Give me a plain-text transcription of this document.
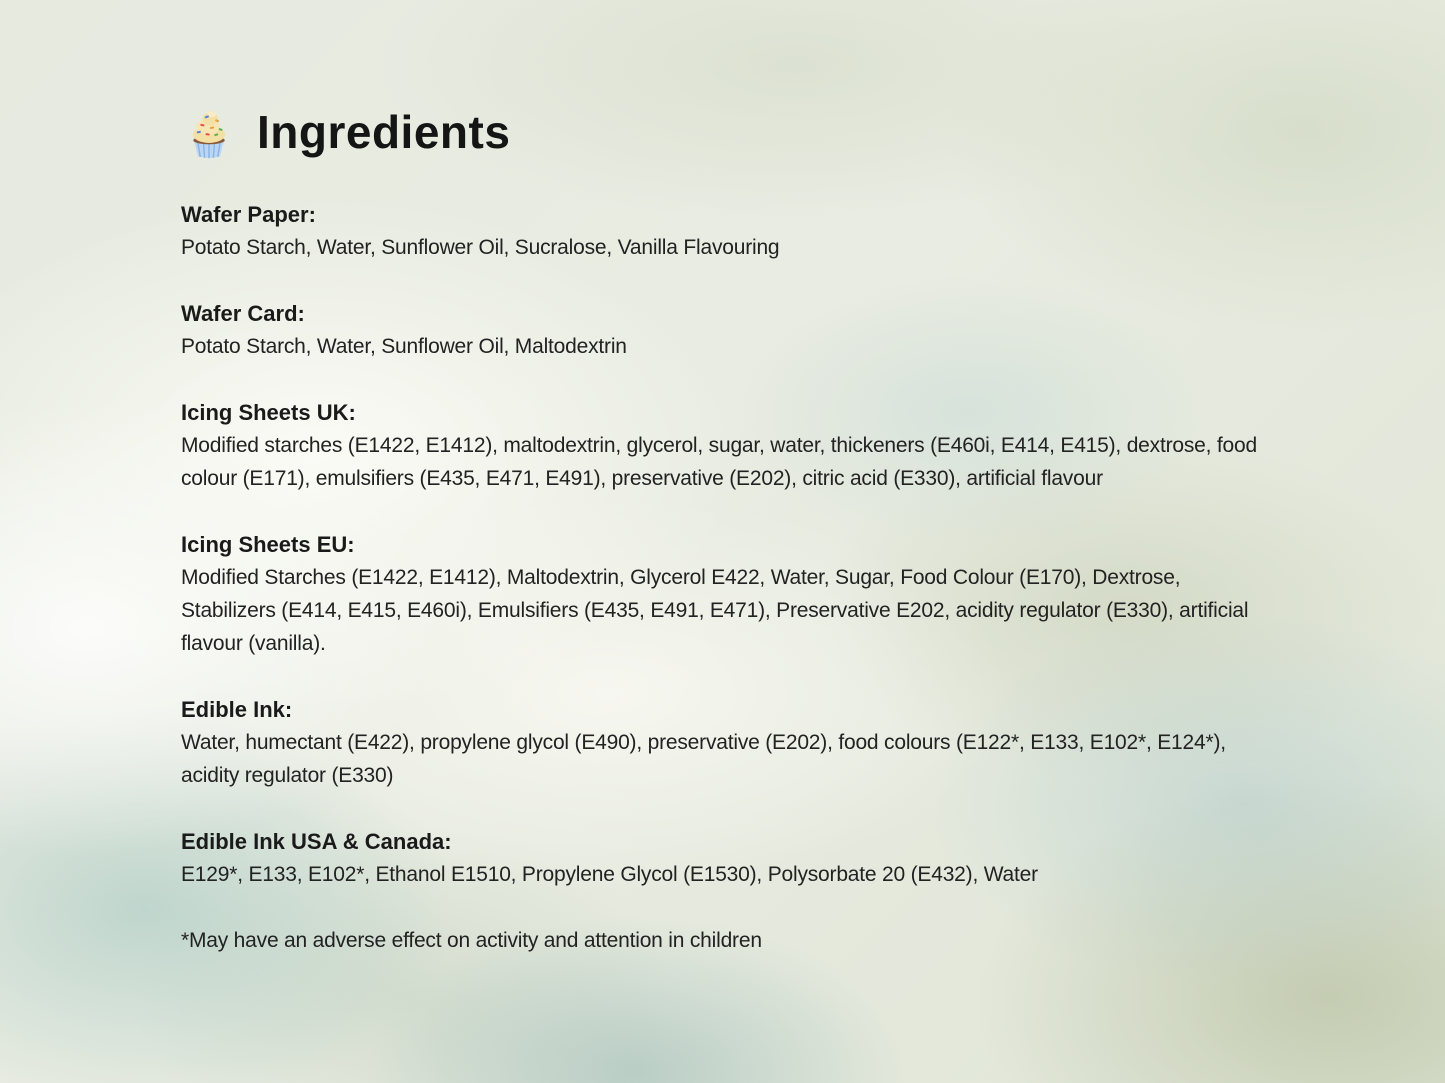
Ingredients
Wafer Paper:

Potato Starch, Water, Sunflower Oil, Sucralose, Vanilla Flavouring

Wafer Card:

Potato Starch, Water, Sunflower Oil, Maltodextrin

Icing Sheets UK:

Modified starches (E1422, E1412), maltodextrin, glycerol, sugar, water, thickeners (E460i, E414, E415), dextrose, food colour (E171), emulsifiers (E435, E471, E491), preservative (E202), citric acid (E330), artificial flavour

Icing Sheets EU:

Modified Starches (E1422, E1412), Maltodextrin, Glycerol E422, Water, Sugar, Food Colour (E170), Dextrose, Stabilizers (E414, E415, E460i), Emulsifiers (E435, E491, E471), Preservative E202, acidity regulator (E330), artificial flavour (vanilla).

Edible Ink:

Water, humectant (E422), propylene glycol (E490), preservative (E202), food colours (E122*, E133, E102*, E124*), acidity regulator (E330)

Edible Ink USA & Canada:

E129*, E133, E102*, Ethanol E1510, Propylene Glycol (E1530), Polysorbate 20 (E432), Water

*May have an adverse effect on activity and attention in children
